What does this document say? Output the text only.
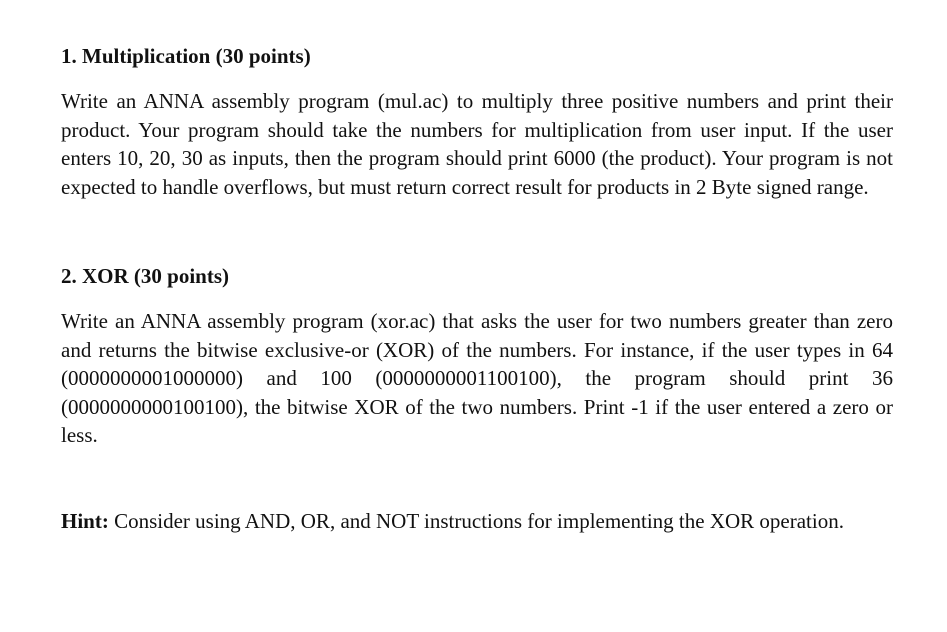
1. Multiplication (30 points)

Write an ANNA assembly program (mul.ac) to multiply three positive numbers and print their product. Your program should take the numbers for multiplication from user input. If the user enters 10, 20, 30 as inputs, then the program should print 6000 (the product). Your program is not expected to handle overflows, but must return correct result for products in 2 Byte signed range.

2. XOR (30 points)

Write an ANNA assembly program (xor.ac) that asks the user for two numbers greater than zero and returns the bitwise exclusive-or (XOR) of the numbers. For instance, if the user types in 64 (0000000001000000) and 100 (0000000001100100), the program should print 36 (0000000000100100), the bitwise XOR of the two numbers. Print -1 if the user entered a zero or less.

Hint: Consider using AND, OR, and NOT instructions for implementing the XOR operation.
